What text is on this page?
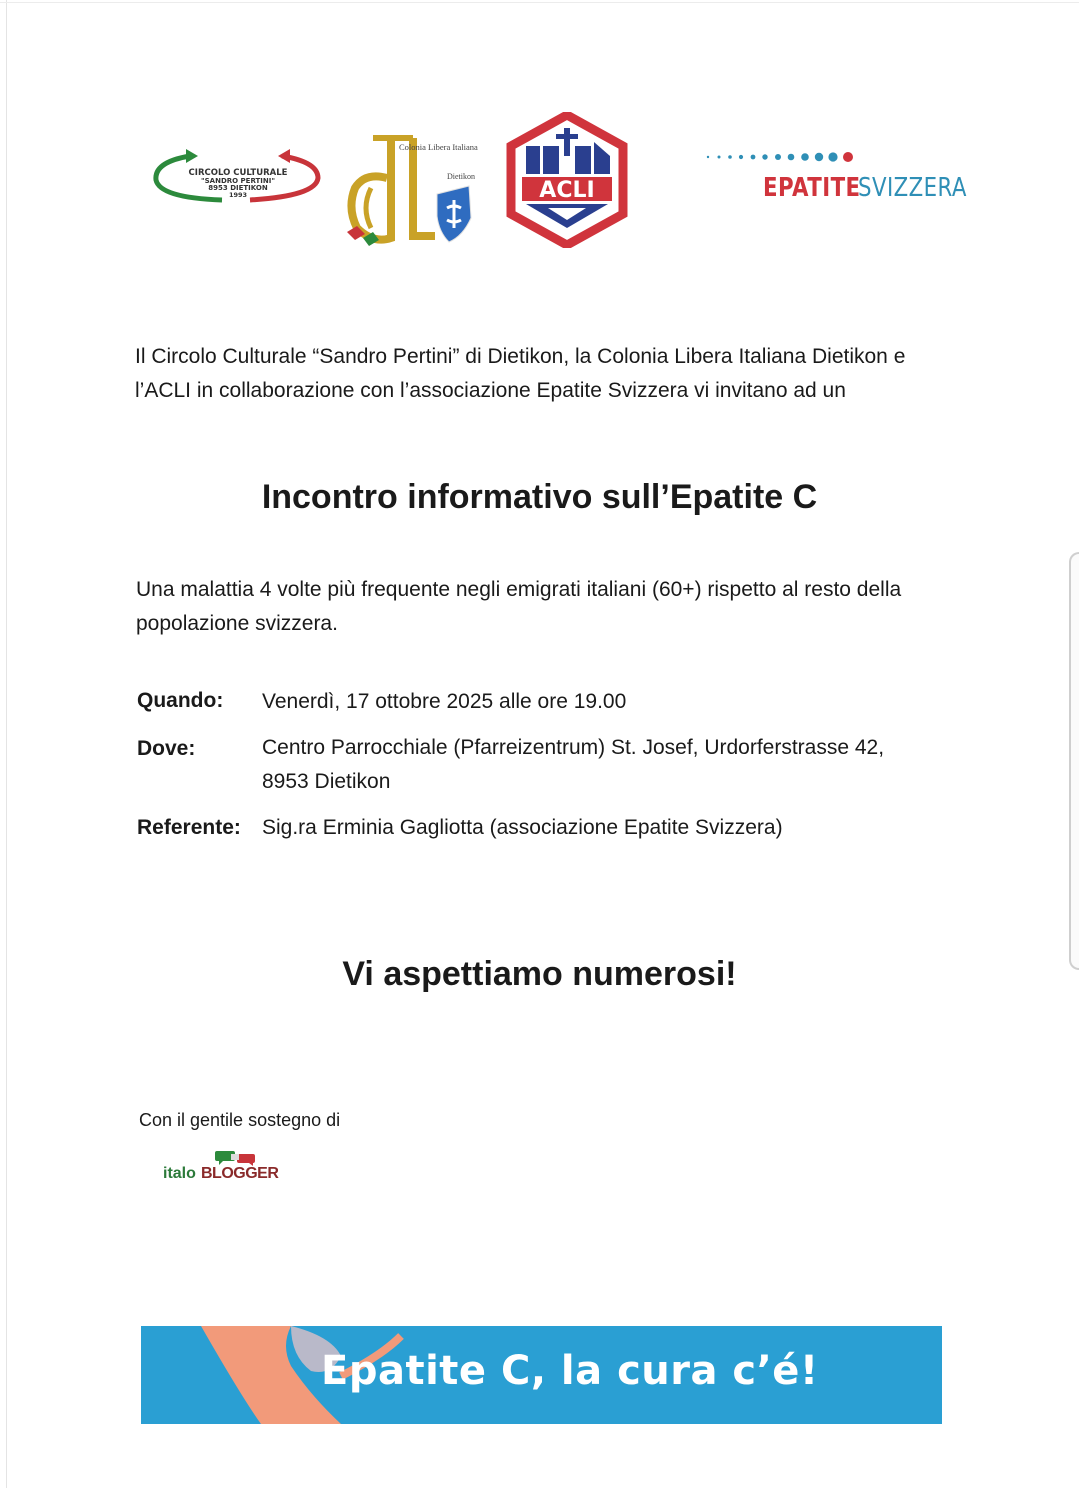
CIRCOLO CULTURALE
"SANDRO PERTINI"
8953 DIETIKON
1993
Colonia Libera Italiana
Dietikon
ACLI	EPATITE
SVIZZERA

Il Circolo Culturale “Sandro Pertini” di Dietikon, la Colonia Libera Italiana Dietikon e l’ACLI in collaborazione con l’associazione Epatite Svizzera vi invitano ad un

Incontro informativo sull’Epatite C

Una malattia 4 volte più frequente negli emigrati italiani (60+) rispetto al resto della popolazione svizzera.

Quando: Venerdì, 17 ottobre 2025 alle ore 19.00
Dove:	Centro Parrocchiale (Pfarreizentrum) St. Josef, Urdorferstrasse 42,
8953 Dietikon
Referente: Sig.ra Erminia Gagliotta (associazione Epatite Svizzera)
Vi aspettiamo numerosi!
Con il gentile sostegno di
italo BLOGGER
Epatite C, la cura c’é!
